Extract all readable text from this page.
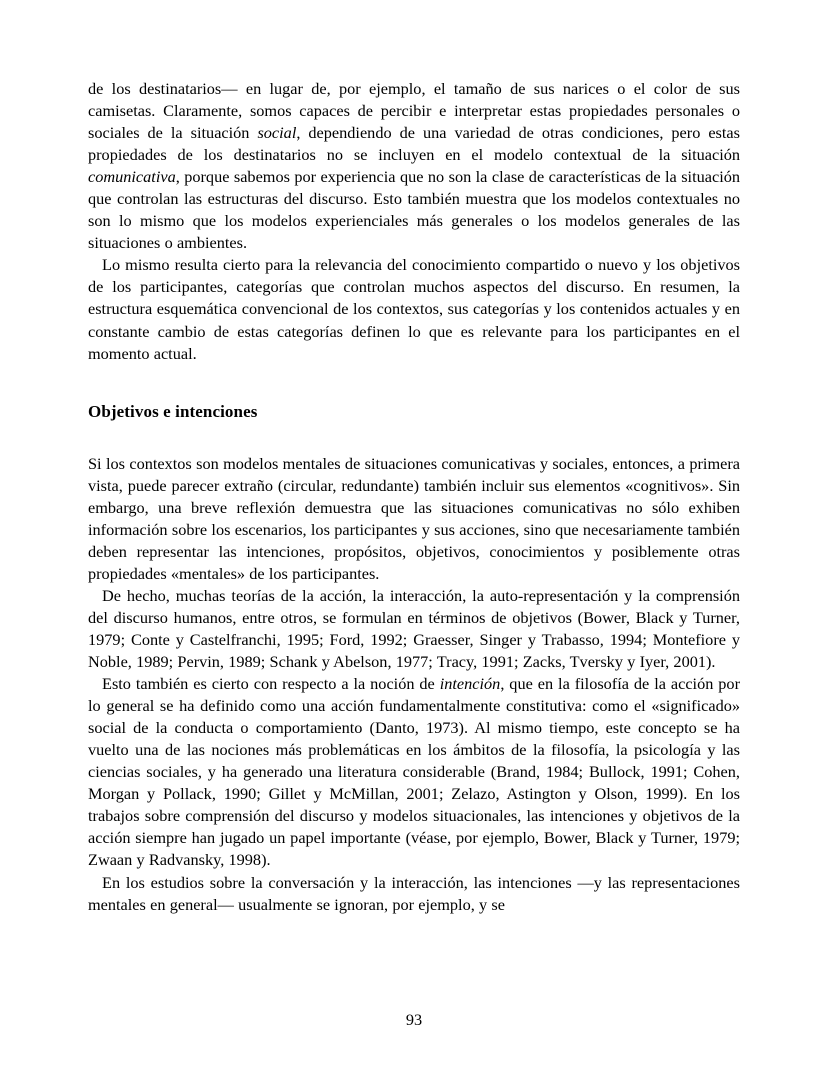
de los destinatarios— en lugar de, por ejemplo, el tamaño de sus narices o el color de sus camisetas. Claramente, somos capaces de percibir e interpretar estas propiedades personales o sociales de la situación social, dependiendo de una variedad de otras condiciones, pero estas propiedades de los destinatarios no se incluyen en el modelo contextual de la situación comunicativa, porque sabemos por experiencia que no son la clase de características de la situación que controlan las estructuras del discurso. Esto también muestra que los modelos contextuales no son lo mismo que los modelos experienciales más generales o los modelos generales de las situaciones o ambientes.

Lo mismo resulta cierto para la relevancia del conocimiento compartido o nuevo y los objetivos de los participantes, categorías que controlan muchos aspectos del discurso. En resumen, la estructura esquemática convencional de los contextos, sus categorías y los contenidos actuales y en constante cambio de estas categorías definen lo que es relevante para los participantes en el momento actual.

Objetivos e intenciones

Si los contextos son modelos mentales de situaciones comunicativas y sociales, entonces, a primera vista, puede parecer extraño (circular, redundante) también incluir sus elementos «cognitivos». Sin embargo, una breve reflexión demuestra que las situaciones comunicativas no sólo exhiben información sobre los escenarios, los participantes y sus acciones, sino que necesariamente también deben representar las intenciones, propósitos, objetivos, conocimientos y posiblemente otras propiedades «mentales» de los participantes.

De hecho, muchas teorías de la acción, la interacción, la auto-representación y la comprensión del discurso humanos, entre otros, se formulan en términos de objetivos (Bower, Black y Turner, 1979; Conte y Castelfranchi, 1995; Ford, 1992; Graesser, Singer y Trabasso, 1994; Montefiore y Noble, 1989; Pervin, 1989; Schank y Abelson, 1977; Tracy, 1991; Zacks, Tversky y Iyer, 2001).

Esto también es cierto con respecto a la noción de intención, que en la filosofía de la acción por lo general se ha definido como una acción fundamentalmente constitutiva: como el «significado» social de la conducta o comportamiento (Danto, 1973). Al mismo tiempo, este concepto se ha vuelto una de las nociones más problemáticas en los ámbitos de la filosofía, la psicología y las ciencias sociales, y ha generado una literatura considerable (Brand, 1984; Bullock, 1991; Cohen, Morgan y Pollack, 1990; Gillet y McMillan, 2001; Zelazo, Astington y Olson, 1999). En los trabajos sobre comprensión del discurso y modelos situacionales, las intenciones y objetivos de la acción siempre han jugado un papel importante (véase, por ejemplo, Bower, Black y Turner, 1979; Zwaan y Radvansky, 1998).

En los estudios sobre la conversación y la interacción, las intenciones —y las representaciones mentales en general— usualmente se ignoran, por ejemplo, y se

93
